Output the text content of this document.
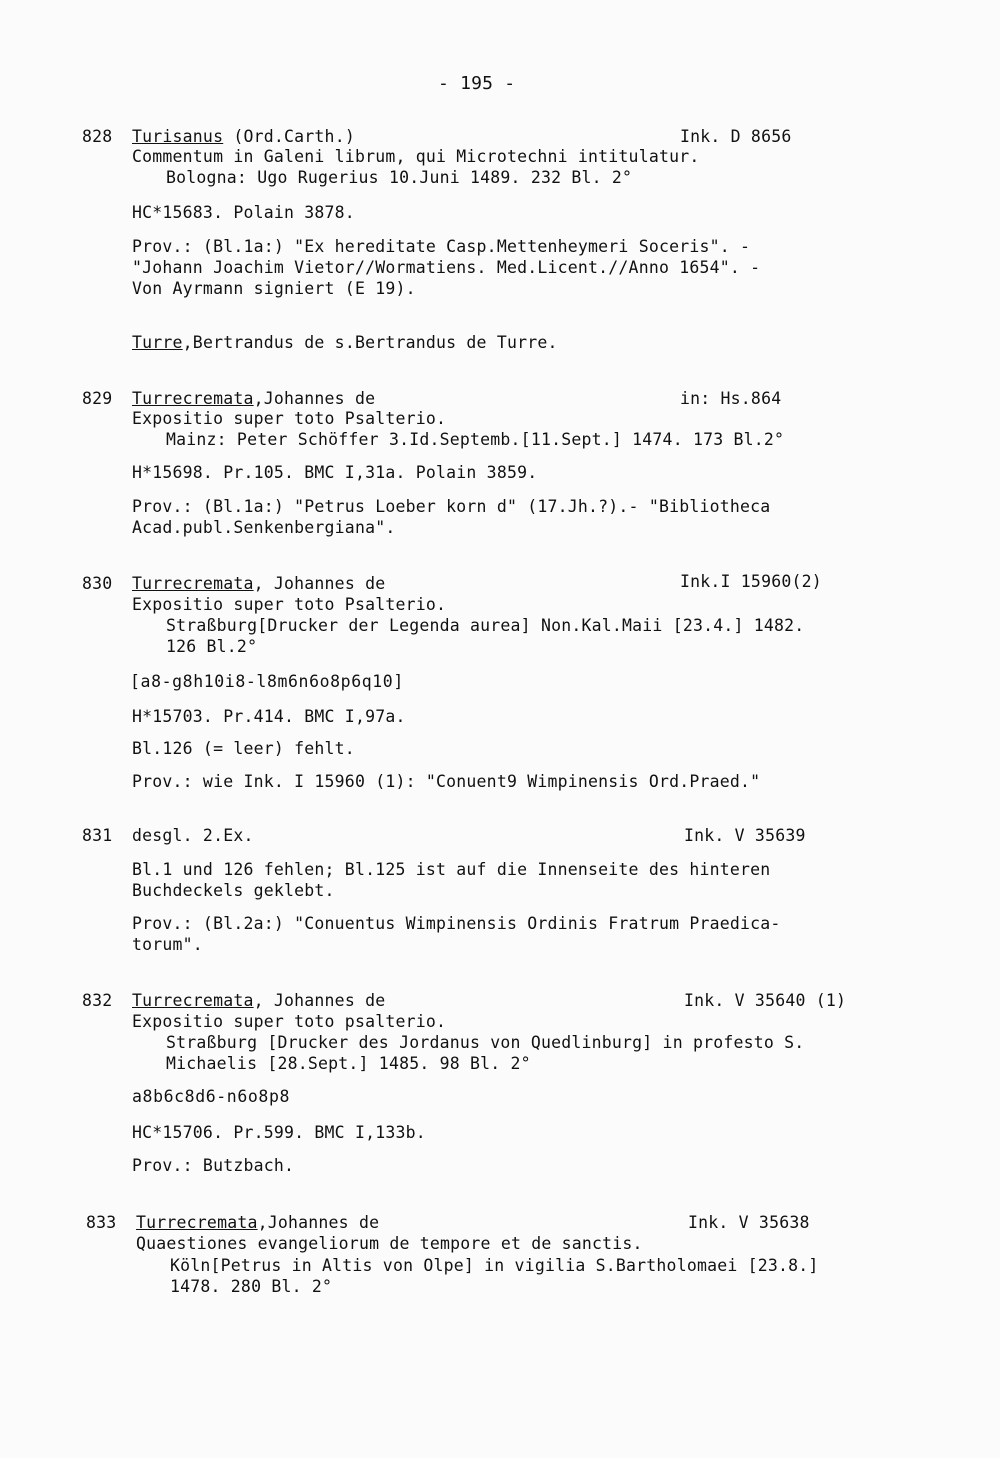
- 195 -
828 Turisanus (Ord.Carth.)	Ink. D 8656
Commentum in Galeni librum, qui Microtechni intitulatur.
Bologna: Ugo Rugerius 10.Juni 1489. 232 Bl. 2°
HC*15683. Polain 3878.
Prov.: (Bl.1a:) "Ex hereditate Casp.Mettenheymeri Soceris". -
"Johann Joachim Vietor//Wormatiens. Med.Licent.//Anno 1654". -
Von Ayrmann signiert (E 19).
Turre,Bertrandus de s.Bertrandus de Turre.
829 Turrecremata,Johannes de	in: Hs.864
Expositio super toto Psalterio.
Mainz: Peter Schöffer 3.Id.Septemb.[11.Sept.] 1474. 173 Bl.2°
H*15698. Pr.105. BMC I,31a. Polain 3859.
Prov.: (Bl.1a:) "Petrus Loeber korn d" (17.Jh.?).- "Bibliotheca
Acad.publ.Senkenbergiana".
830 Turrecremata, Johannes de	Ink.I 15960(2)
Expositio super toto Psalterio.
Straßburg[Drucker der Legenda aurea] Non.Kal.Maii [23.4.] 1482.
126 Bl.2°
[a8-g8h10i8-l8m6n6o8p6q10]
H*15703. Pr.414. BMC I,97a.
Bl.126 (= leer) fehlt.
Prov.: wie Ink. I 15960 (1): "Conuent9 Wimpinensis Ord.Praed."
831 desgl. 2.Ex.	Ink. V 35639
Bl.1 und 126 fehlen; Bl.125 ist auf die Innenseite des hinteren
Buchdeckels geklebt.
Prov.: (Bl.2a:) "Conuentus Wimpinensis Ordinis Fratrum Praedica-
torum".
832 Turrecremata, Johannes de	Ink. V 35640 (1)
Expositio super toto psalterio.
Straßburg [Drucker des Jordanus von Quedlinburg] in profesto S.
Michaelis [28.Sept.] 1485. 98 Bl. 2°
a8b6c8d6-n6o8p8
HC*15706. Pr.599. BMC I,133b.
Prov.: Butzbach.
833 Turrecremata,Johannes de	Ink. V 35638
Quaestiones evangeliorum de tempore et de sanctis.
Köln[Petrus in Altis von Olpe] in vigilia S.Bartholomaei [23.8.]
1478. 280 Bl. 2°
